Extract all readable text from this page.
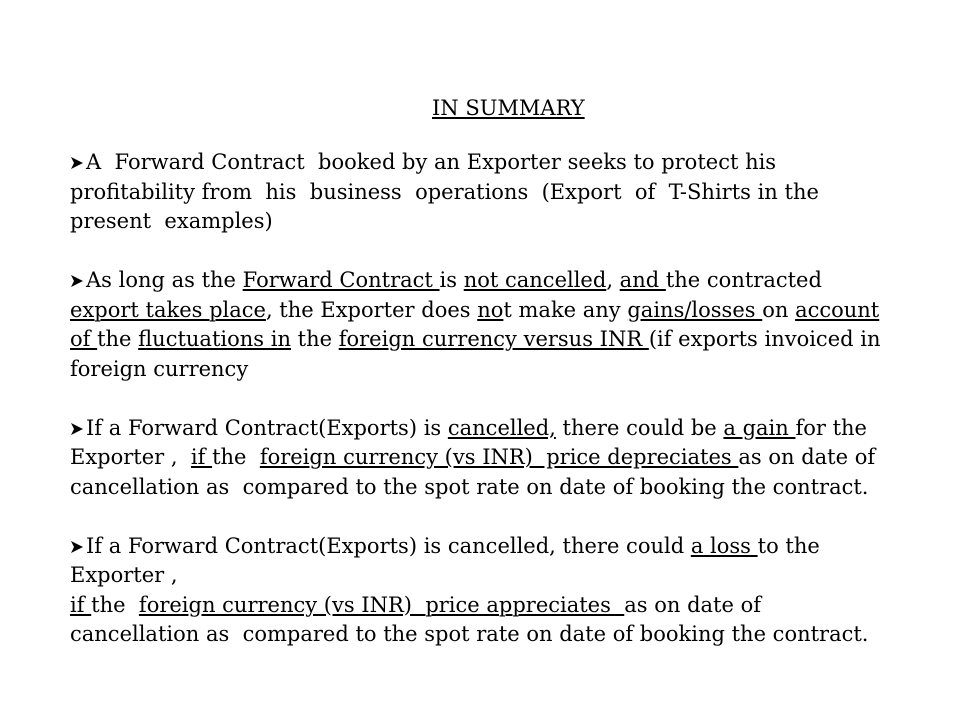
IN SUMMARY
A  Forward Contract  booked by an Exporter seeks to protect his
profitability from  his  business  operations  (Export  of  T-Shirts in the
present  examples)
As long as the Forward Contract is not cancelled, and the contracted
export takes place, the Exporter does not make any gains/losses on account
of the fluctuations in the foreign currency versus INR (if exports invoiced in
foreign currency
If a Forward Contract(Exports) is cancelled, there could be a gain for the
Exporter ,  if the  foreign currency (vs INR)  price depreciates as on date of
cancellation as  compared to the spot rate on date of booking the contract.
If a Forward Contract(Exports) is cancelled, there could a loss to the
Exporter ,
if the  foreign currency (vs INR)  price appreciates  as on date of
cancellation as  compared to the spot rate on date of booking the contract.
